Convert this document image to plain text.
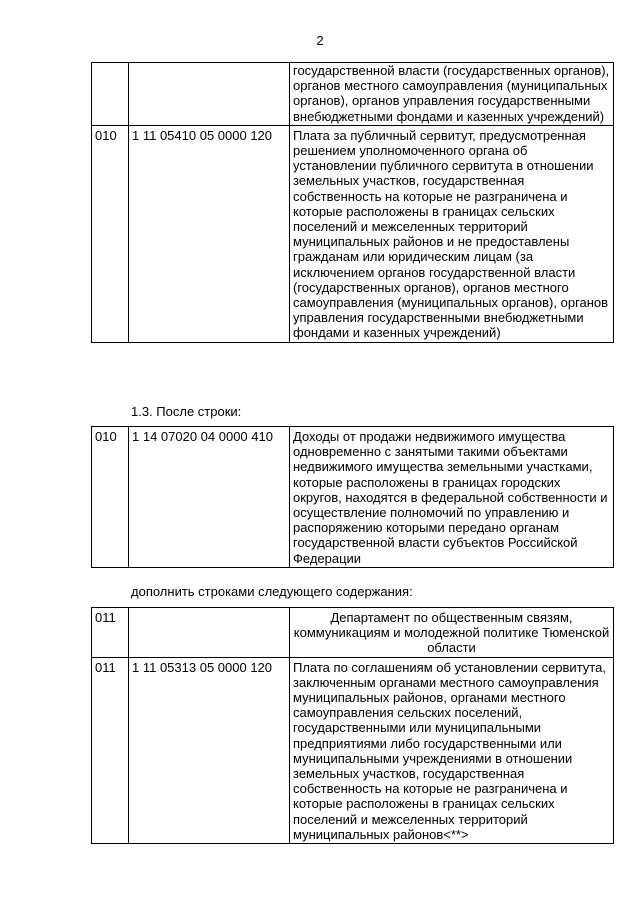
2
		государственной власти (государственных органов), органов местного самоуправления (муниципальных органов), органов управления государственными внебюджетными фондами и казенных учреждений)
010	1 11 05410 05 0000 120	Плата за публичный сервитут, предусмотренная решением уполномоченного органа об установлении публичного сервитута в отношении земельных участков, государственная собственность на которые не разграничена и которые расположены в границах сельских поселений и межселенных территорий муниципальных районов и не предоставлены гражданам или юридическим лицам (за исключением органов государственной власти (государственных органов), органов местного самоуправления (муниципальных органов), органов управления государственными внебюджетными фондами и казенных учреждений)
1.3. После строки:
010	1 14 07020 04 0000 410	Доходы от продажи недвижимого имущества одновременно с занятыми такими объектами недвижимого имущества земельными участками, которые расположены в границах городских округов, находятся в федеральной собственности и осуществление полномочий по управлению и распоряжению которыми передано органам государственной власти субъектов Российской Федерации
дополнить строками следующего содержания:
011		Департамент по общественным связям, коммуникациям и молодежной политике Тюменской области
011	1 11 05313 05 0000 120	Плата по соглашениям об установлении сервитута, заключенным органами местного самоуправления муниципальных районов, органами местного самоуправления сельских поселений, государственными или муниципальными предприятиями либо государственными или муниципальными учреждениями в отношении земельных участков, государственная собственность на которые не разграничена и которые расположены в границах сельских поселений и межселенных территорий муниципальных районов<**>
